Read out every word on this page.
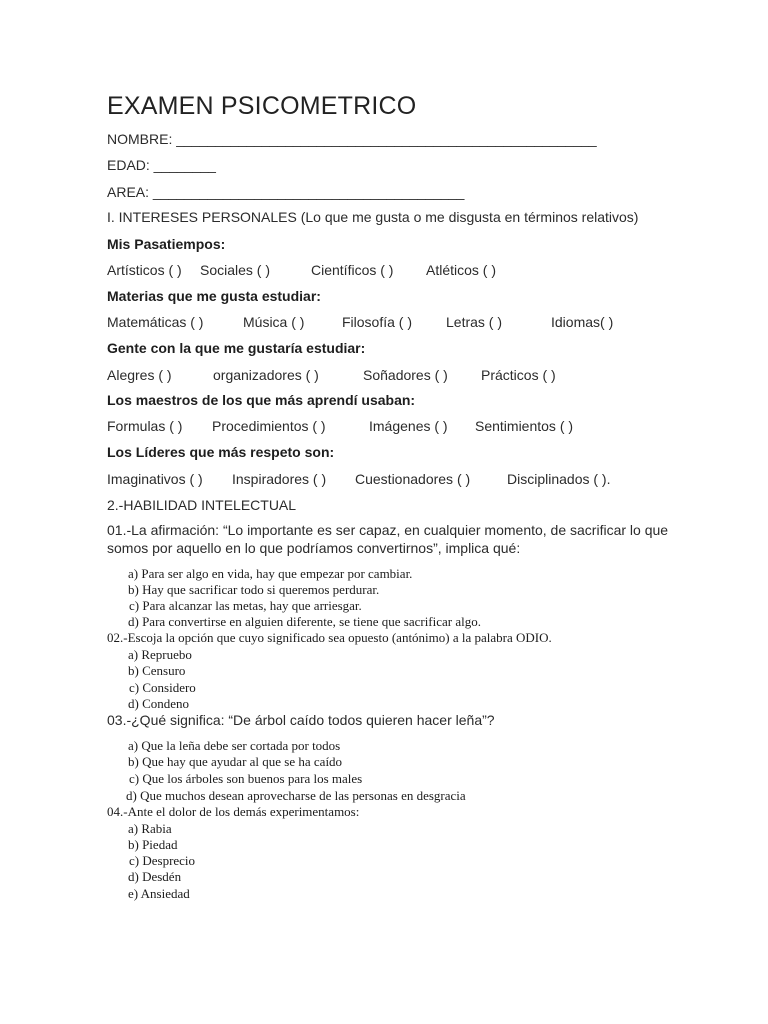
EXAMEN PSICOMETRICO
NOMBRE: ______________________________________________________
EDAD: ________
AREA: ________________________________________
I. INTERESES PERSONALES (Lo que me gusta o me disgusta en términos relativos)
Mis Pasatiempos:
Artísticos ( ) Sociales ( )	Científicos ( ) Atléticos ( )
Materias que me gusta estudiar:
Matemáticas ( )	Música ( )	Filosofía ( ) Letras ( )	Idiomas( )
Gente con la que me gustaría estudiar:
Alegres ( )	organizadores ( )	Soñadores ( ) Prácticos ( )
Los maestros de los que más aprendí usaban:
Formulas ( ) Procedimientos ( )	Imágenes ( ) Sentimientos ( )
Los Líderes que más respeto son:
Imaginativos ( ) Inspiradores ( ) Cuestionadores ( )	Disciplinados ( ).
2.-HABILIDAD INTELECTUAL
01.-La afirmación: “Lo importante es ser capaz, en cualquier momento, de sacrificar lo que
somos por aquello en lo que podríamos convertirnos”, implica qué:
a) Para ser algo en vida, hay que empezar por cambiar.
b) Hay que sacrificar todo si queremos perdurar.
c) Para alcanzar las metas, hay que arriesgar.
d) Para convertirse en alguien diferente, se tiene que sacrificar algo.
02.-Escoja la opción que cuyo significado sea opuesto (antónimo) a la palabra ODIO.
a) Repruebo
b) Censuro
c) Considero
d) Condeno
03.-¿Qué significa: “De árbol caído todos quieren hacer leña”?
a) Que la leña debe ser cortada por todos
b) Que hay que ayudar al que se ha caído
c) Que los árboles son buenos para los males
d) Que muchos desean aprovecharse de las personas en desgracia
04.-Ante el dolor de los demás experimentamos:
a) Rabia
b) Piedad
c) Desprecio
d) Desdén
e) Ansiedad
